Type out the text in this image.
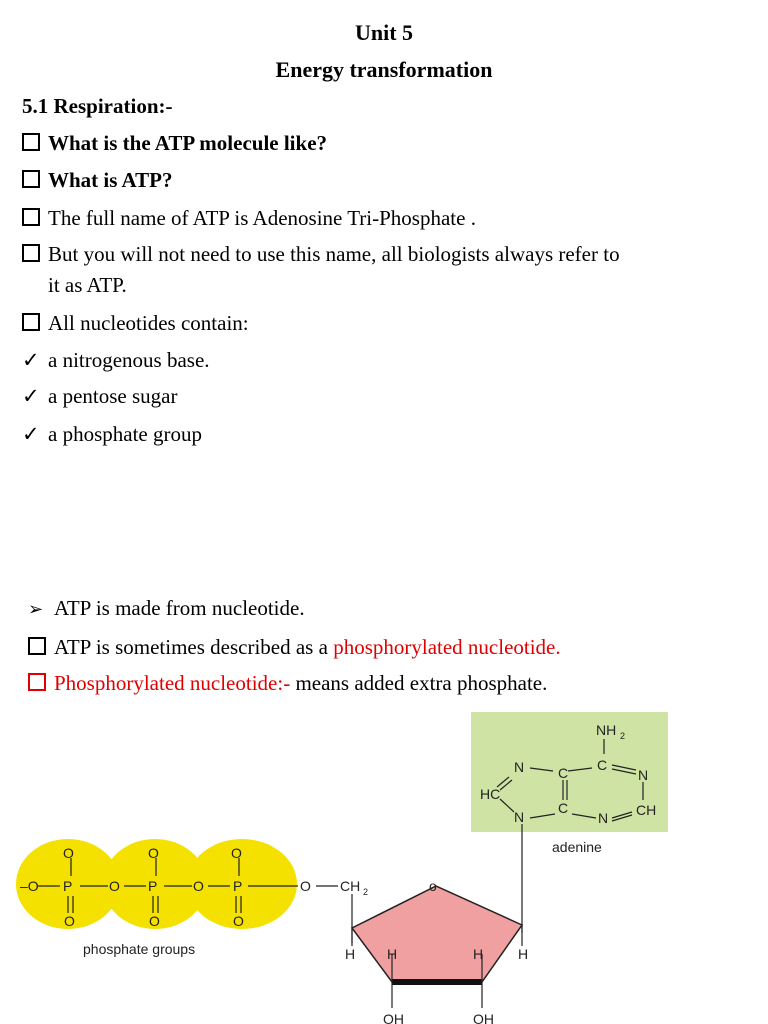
Unit 5
Energy transformation
5.1 Respiration:-
What is the ATP molecule like?
What is ATP?
The full name of ATP is Adenosine Tri-Phosphate .
But you will not need to use this name, all biologists always refer to
it as ATP.
All nucleotides contain:
✓ a nitrogenous base.
✓ a pentose sugar
✓ a phosphate group
➢ ATP is made from nucleotide.
ATP is sometimes described as a phosphorylated nucleotide.
Phosphorylated nucleotide:- means added extra phosphate.
O	O	O
–O P	O P	O P	O CH 2
O	O	O
phosphate groups
adenine
o
H H	H H
OH	OH
NH 2
N C C
N
HC
C
N	N CH
